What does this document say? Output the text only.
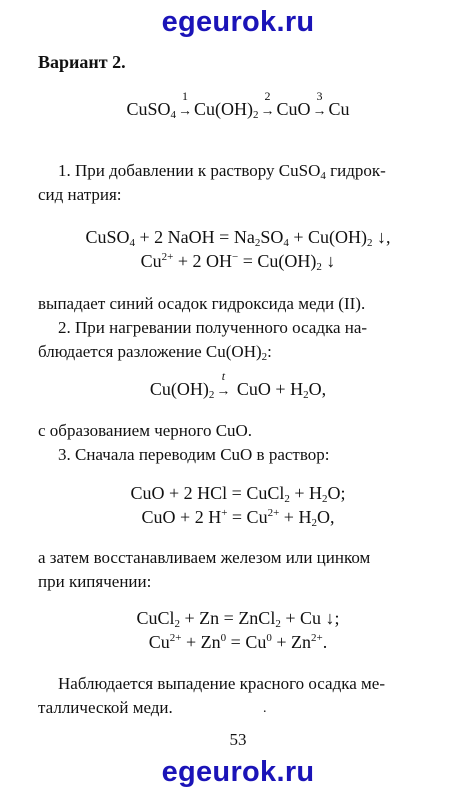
egeurok.ru
Вариант 2.
CuSO$_4$
1
→ $Cu(OH)_2$
2
→ CuO
3
→ Cu
1. При добавлении к раствору CuSO$_4$ гидрок-
сид натрия:
CuSO$_4$ + 2 NaOH = $Na_2SO_4 + Cu(OH)_2$ ↓,
$Cu^{2+} + 2$ $OH^- = Cu(OH)_2$ ↓
выпадает синий осадок гидроксида меди (II).
2. При нагревании полученного осадка на-
блюдается разложение $Cu(OH)_2$:
$Cu(OH)_2$
t
→ CuO + $H_2O$,
с образованием черного CuO.
3. Сначала переводим CuO в раствор:
CuO + 2 HCl = CuCl$_2$ + $H_2O$;
CuO + 2 $H^+ = Cu^{2+} + H_2O$,
а затем восстанавливаем железом или цинком
при кипячении:
CuCl$_2$ + Zn = ZnCl$_2$ + Cu ↓;
$Cu^{2+} + Zn^0 = Cu^0 + Zn^{2+}$.
Наблюдается выпадение красного осадка ме-
таллической меди.	.
53
egeurok.ru
